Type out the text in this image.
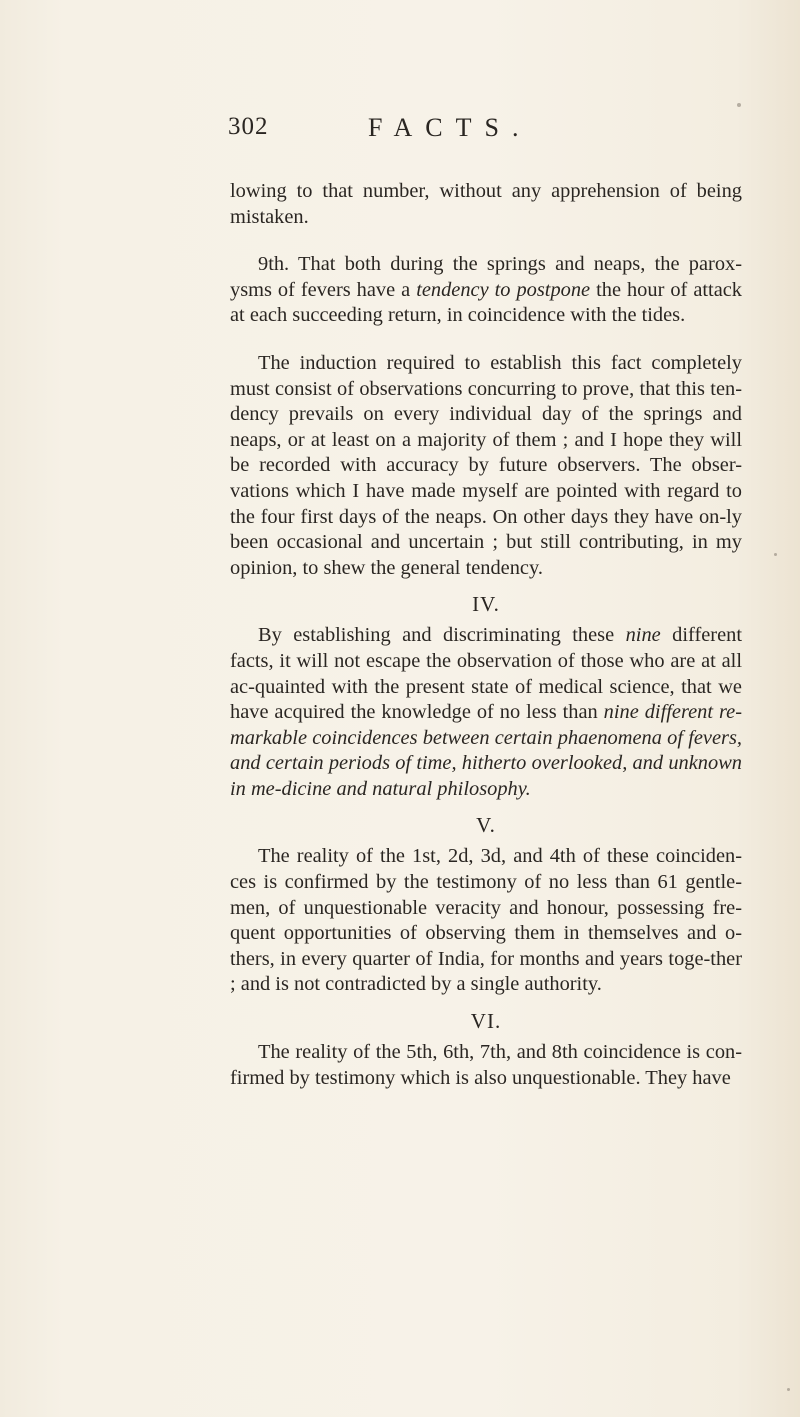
302	FACTS.

lowing to that number, without any apprehension of being mistaken.

9th. That both during the springs and neaps, the parox-ysms of fevers have a tendency to postpone the hour of attack at each succeeding return, in coincidence with the tides.

The induction required to establish this fact completely must consist of observations concurring to prove, that this ten-dency prevails on every individual day of the springs and neaps, or at least on a majority of them ; and I hope they will be recorded with accuracy by future observers. The obser-vations which I have made myself are pointed with regard to the four first days of the neaps. On other days they have on-ly been occasional and uncertain ; but still contributing, in my opinion, to shew the general tendency.

IV.

By establishing and discriminating these nine different facts, it will not escape the observation of those who are at all ac-quainted with the present state of medical science, that we have acquired the knowledge of no less than nine different re-markable coincidences between certain phaenomena of fevers, and certain periods of time, hitherto overlooked, and unknown in me-dicine and natural philosophy.

V.

The reality of the 1st, 2d, 3d, and 4th of these coinciden-ces is confirmed by the testimony of no less than 61 gentle-men, of unquestionable veracity and honour, possessing fre-quent opportunities of observing them in themselves and o-thers, in every quarter of India, for months and years toge-ther ; and is not contradicted by a single authority.

VI.

The reality of the 5th, 6th, 7th, and 8th coincidence is con-firmed by testimony which is also unquestionable. They have
